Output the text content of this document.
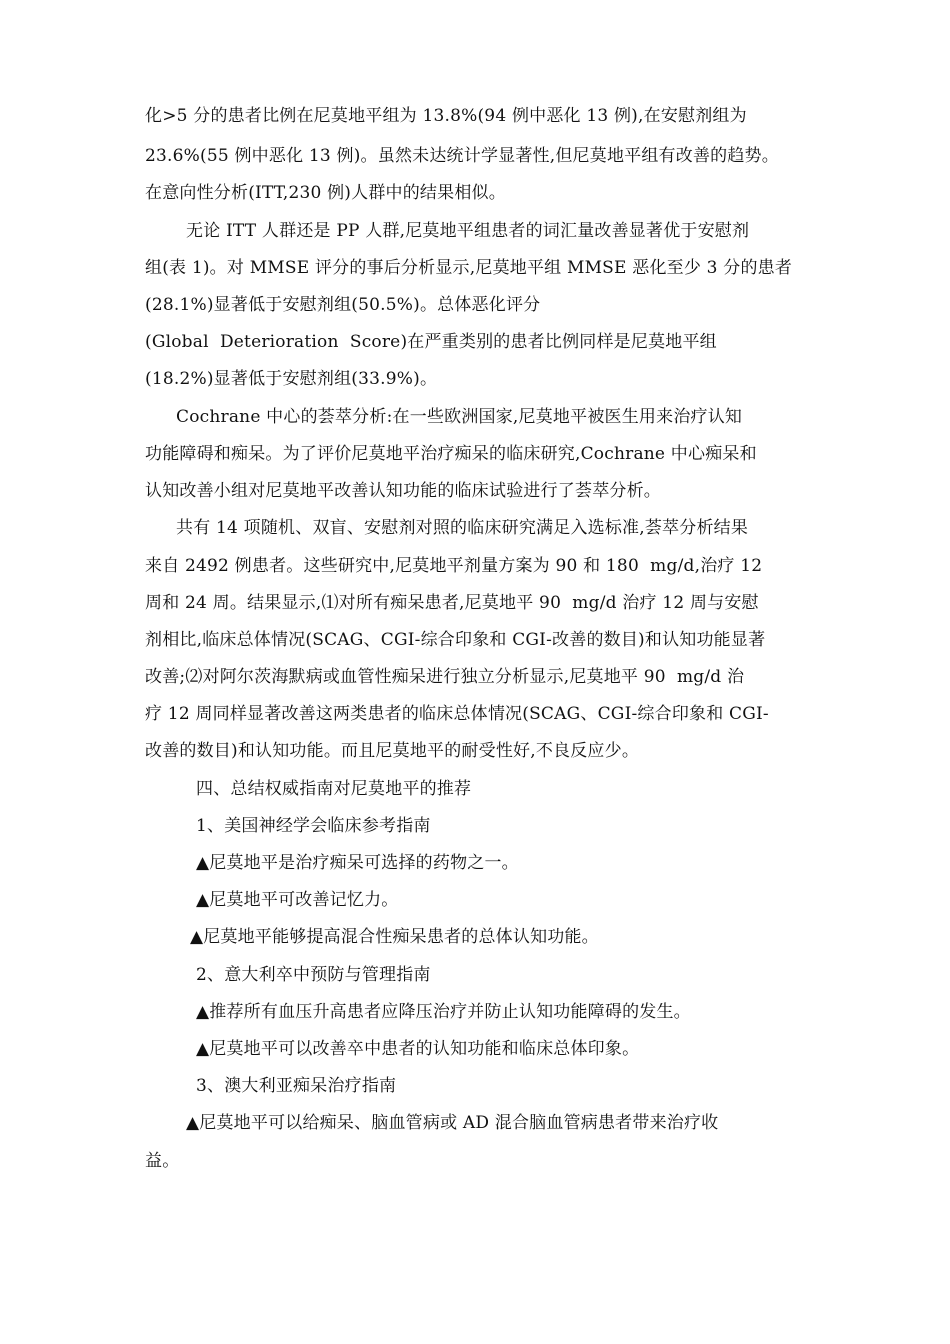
化>5 分的患者比例在尼莫地平组为 13.8%(94 例中恶化 13 例),在安慰剂组为
23.6%(55 例中恶化 13 例)。虽然未达统计学显著性,但尼莫地平组有改善的趋势。
在意向性分析(ITT,230 例)人群中的结果相似。
无论 ITT 人群还是 PP 人群,尼莫地平组患者的词汇量改善显著优于安慰剂
组(表 1)。对 MMSE 评分的事后分析显示,尼莫地平组 MMSE 恶化至少 3 分的患者
(28.1%)显著低于安慰剂组(50.5%)。总体恶化评分
(Global  Deterioration  Score)在严重类别的患者比例同样是尼莫地平组
(18.2%)显著低于安慰剂组(33.9%)。
Cochrane 中心的荟萃分析:在一些欧洲国家,尼莫地平被医生用来治疗认知
功能障碍和痴呆。为了评价尼莫地平治疗痴呆的临床研究,Cochrane 中心痴呆和
认知改善小组对尼莫地平改善认知功能的临床试验进行了荟萃分析。
共有 14 项随机、双盲、安慰剂对照的临床研究满足入选标准,荟萃分析结果
来自 2492 例患者。这些研究中,尼莫地平剂量方案为 90 和 180  mg/d,治疗 12
周和 24 周。结果显示,⑴对所有痴呆患者,尼莫地平 90  mg/d 治疗 12 周与安慰
剂相比,临床总体情况(SCAG、CGI-综合印象和 CGI-改善的数目)和认知功能显著
改善;⑵对阿尔茨海默病或血管性痴呆进行独立分析显示,尼莫地平 90  mg/d 治
疗 12 周同样显著改善这两类患者的临床总体情况(SCAG、CGI-综合印象和 CGI-
改善的数目)和认知功能。而且尼莫地平的耐受性好,不良反应少。
四、总结权威指南对尼莫地平的推荐
1、美国神经学会临床参考指南
▲尼莫地平是治疗痴呆可选择的药物之一。
▲尼莫地平可改善记忆力。
▲尼莫地平能够提高混合性痴呆患者的总体认知功能。
2、意大利卒中预防与管理指南
▲推荐所有血压升高患者应降压治疗并防止认知功能障碍的发生。
▲尼莫地平可以改善卒中患者的认知功能和临床总体印象。
3、澳大利亚痴呆治疗指南
▲尼莫地平可以给痴呆、脑血管病或 AD 混合脑血管病患者带来治疗收
益。
